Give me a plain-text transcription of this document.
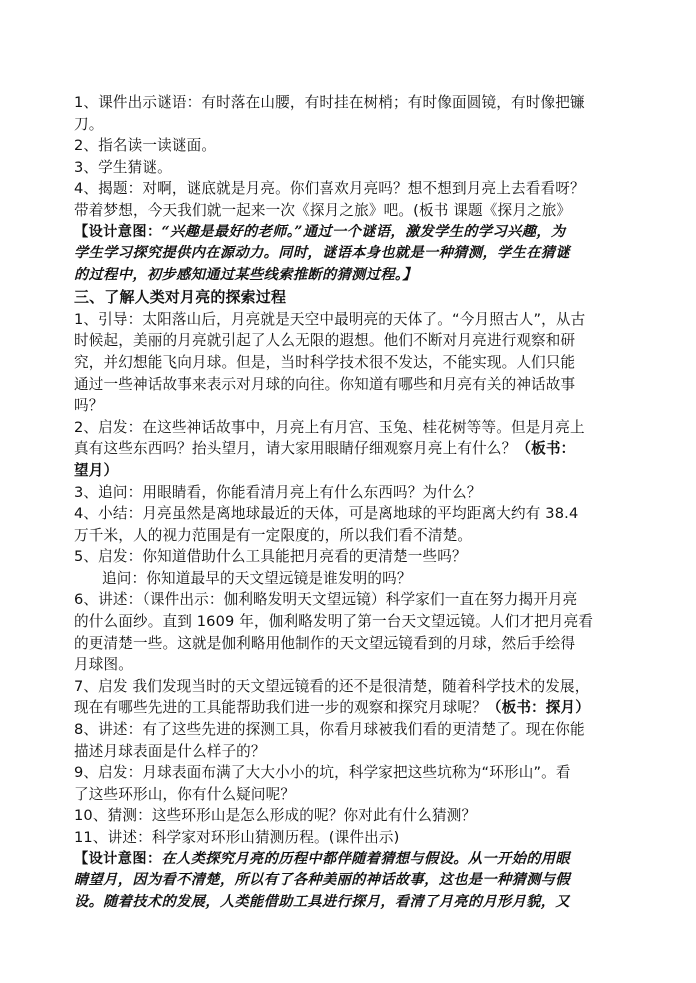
1、课件出示谜语：有时落在山腰，有时挂在树梢；有时像面圆镜，有时像把镰
刀。
2、指名读一读谜面。
3、学生猜谜。
4、揭题：对啊，谜底就是月亮。你们喜欢月亮吗？想不想到月亮上去看看呀？
带着梦想，今天我们就一起来一次《探月之旅》吧。(板书 课题《探月之旅》
【设计意图：“兴趣是最好的老师。”通过一个谜语，激发学生的学习兴趣，为
学生学习探究提供内在源动力。同时，谜语本身也就是一种猜测，学生在猜谜
的过程中，初步感知通过某些线索推断的猜测过程。】
三、了解人类对月亮的探索过程
1、引导：太阳落山后，月亮就是天空中最明亮的天体了。“今月照古人”，从古
时候起，美丽的月亮就引起了人么无限的遐想。他们不断对月亮进行观察和研
究，并幻想能飞向月球。但是，当时科学技术很不发达，不能实现。人们只能
通过一些神话故事来表示对月球的向往。你知道有哪些和月亮有关的神话故事
吗？
2、启发：在这些神话故事中，月亮上有月宫、玉兔、桂花树等等。但是月亮上
真有这些东西吗？抬头望月，请大家用眼睛仔细观察月亮上有什么？（板书：
望月）
3、追问：用眼睛看，你能看清月亮上有什么东西吗？为什么？
4、小结：月亮虽然是离地球最近的天体，可是离地球的平均距离大约有 38.4
万千米，人的视力范围是有一定限度的，所以我们看不清楚。
5、启发：你知道借助什么工具能把月亮看的更清楚一些吗？
追问：你知道最早的天文望远镜是谁发明的吗？
6、讲述：（课件出示：伽利略发明天文望远镜）科学家们一直在努力揭开月亮
的什么面纱。直到 1609 年，伽利略发明了第一台天文望远镜。人们才把月亮看
的更清楚一些。这就是伽利略用他制作的天文望远镜看到的月球，然后手绘得
月球图。
7、启发 我们发现当时的天文望远镜看的还不是很清楚，随着科学技术的发展，
现在有哪些先进的工具能帮助我们进一步的观察和探究月球呢？（板书：探月）
8、讲述：有了这些先进的探测工具，你看月球被我们看的更清楚了。现在你能
描述月球表面是什么样子的？
9、启发：月球表面布满了大大小小的坑，科学家把这些坑称为“环形山”。看
了这些环形山，你有什么疑问呢？
10、猜测：这些环形山是怎么形成的呢？你对此有什么猜测？
11、讲述：科学家对环形山猜测历程。(课件出示)
【设计意图：在人类探究月亮的历程中都伴随着猜想与假设。从一开始的用眼
睛望月，因为看不清楚，所以有了各种美丽的神话故事，这也是一种猜测与假
设。随着技术的发展，人类能借助工具进行探月，看清了月亮的月形月貌，又
